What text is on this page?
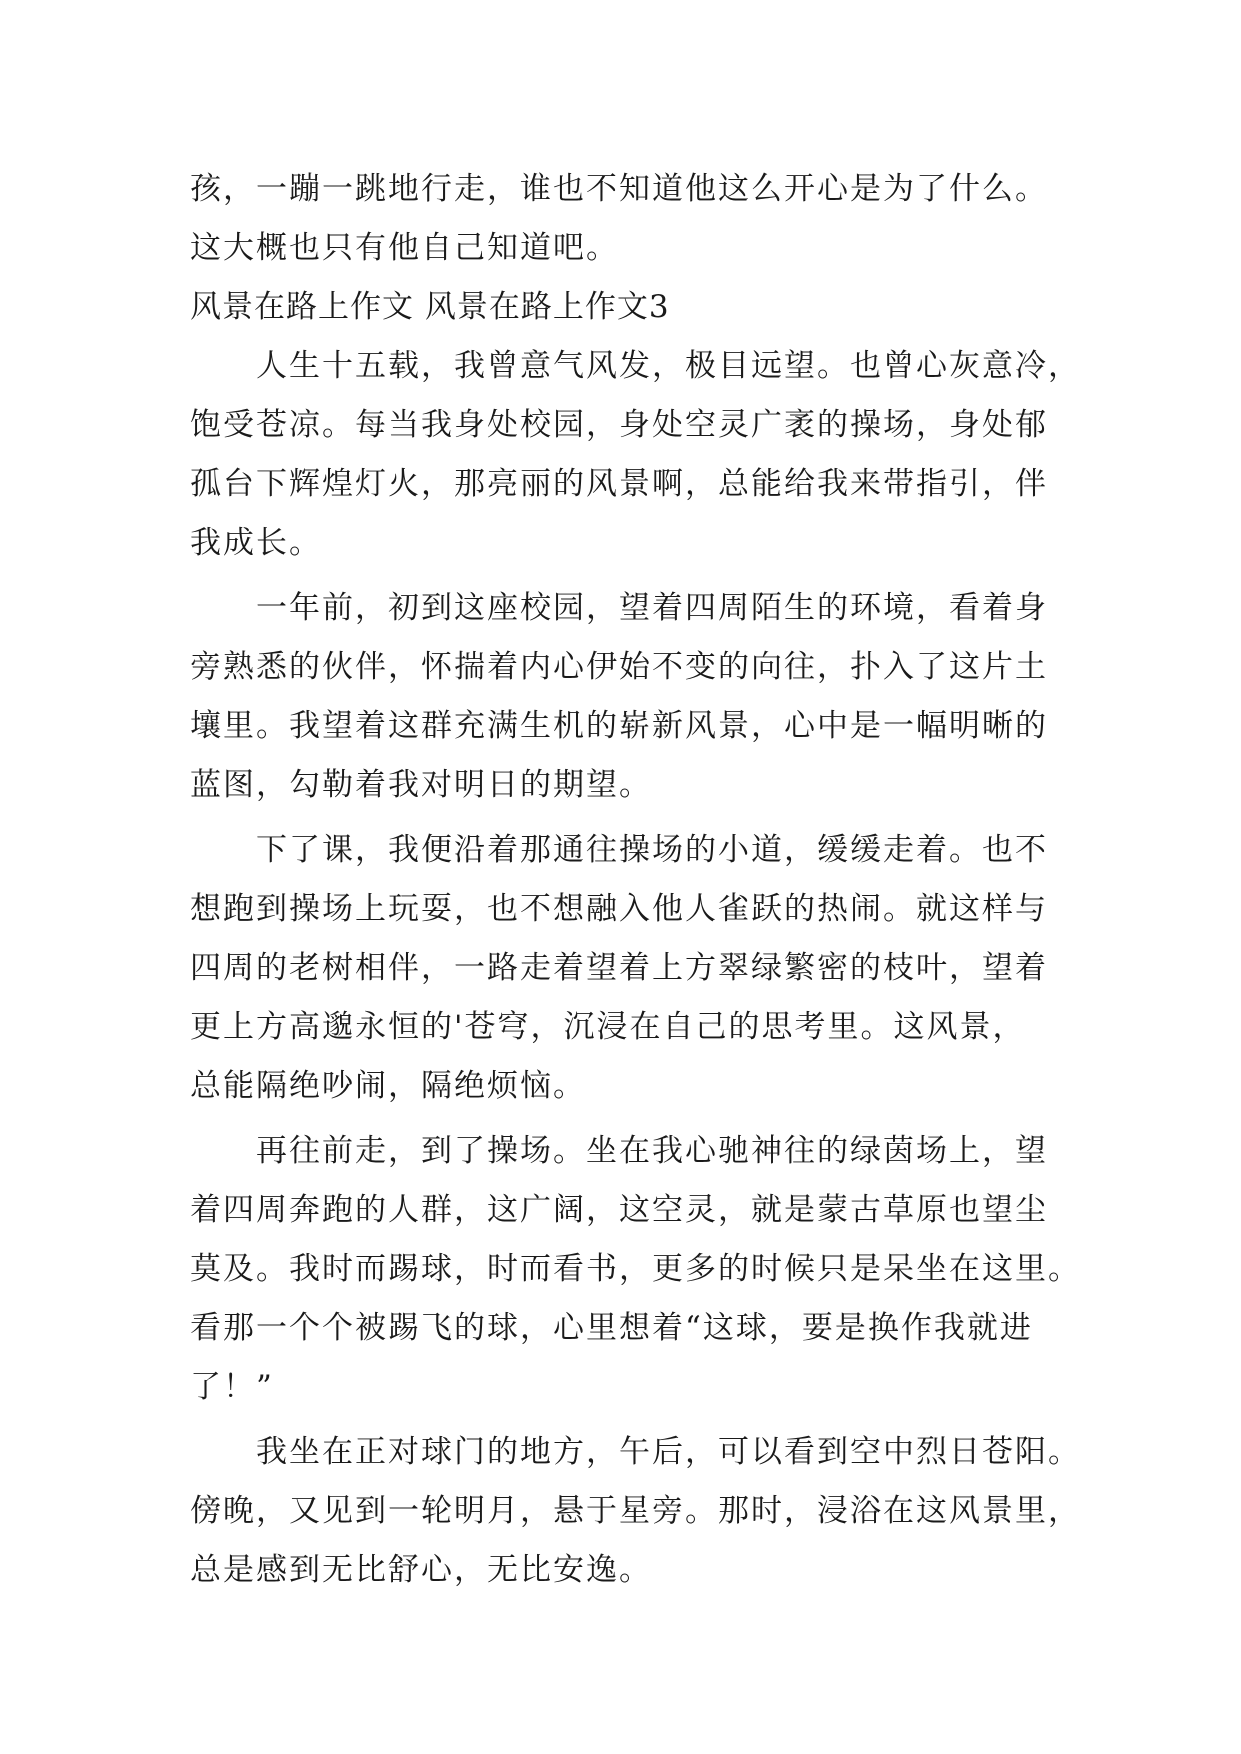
孩，一蹦一跳地行走，谁也不知道他这么开心是为了什么。
这大概也只有他自己知道吧。
风景在路上作文 风景在路上作文3
人生十五载，我曾意气风发，极目远望。也曾心灰意冷，
饱受苍凉。每当我身处校园，身处空灵广袤的操场，身处郁
孤台下辉煌灯火，那亮丽的风景啊，总能给我来带指引，伴
我成长。
一年前，初到这座校园，望着四周陌生的环境，看着身
旁熟悉的伙伴，怀揣着内心伊始不变的向往，扑入了这片土
壤里。我望着这群充满生机的崭新风景，心中是一幅明晰的
蓝图，勾勒着我对明日的期望。
下了课，我便沿着那通往操场的小道，缓缓走着。也不
想跑到操场上玩耍，也不想融入他人雀跃的热闹。就这样与
四周的老树相伴，一路走着望着上方翠绿繁密的枝叶，望着
更上方高邈永恒的'苍穹，沉浸在自己的思考里。这风景，
总能隔绝吵闹，隔绝烦恼。
再往前走，到了操场。坐在我心驰神往的绿茵场上，望
着四周奔跑的人群，这广阔，这空灵，就是蒙古草原也望尘
莫及。我时而踢球，时而看书，更多的时候只是呆坐在这里。
看那一个个被踢飞的球，心里想着“这球，要是换作我就进
了！”
我坐在正对球门的地方，午后，可以看到空中烈日苍阳。
傍晚，又见到一轮明月，悬于星旁。那时，浸浴在这风景里，
总是感到无比舒心，无比安逸。
